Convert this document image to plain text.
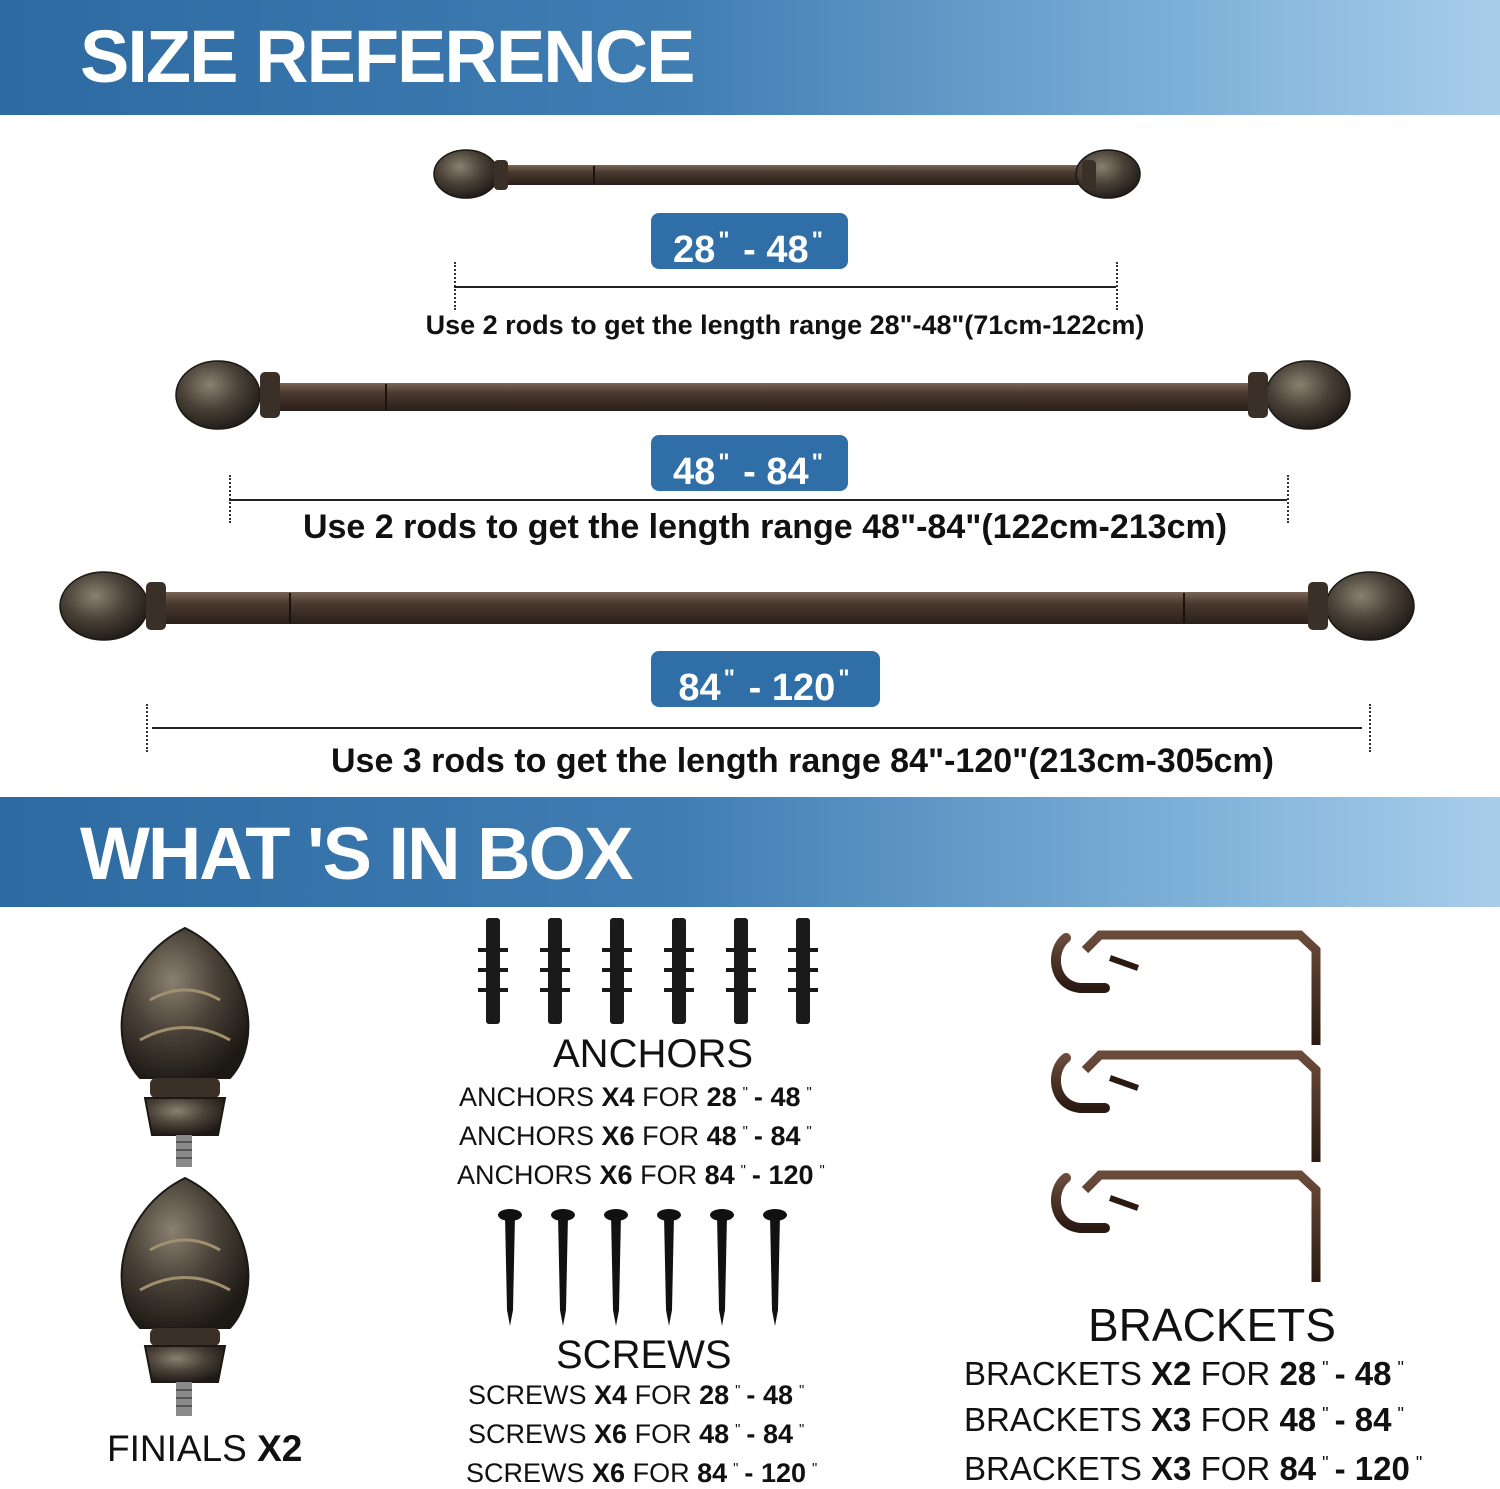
SIZE REFERENCE
28 " - 48 "
Use 2 rods to get the length range 28"-48"(71cm-122cm)
48 " - 84 "
Use 2 rods to get the length range 48"-84"(122cm-213cm)
84 " - 120 "
Use 3 rods to get the length range 84"-120"(213cm-305cm)
WHAT 'S IN BOX
FINIALS X2
ANCHORS
ANCHORS X4 FOR 28 " - 48 "
ANCHORS X6 FOR 48 " - 84 "
ANCHORS X6 FOR 84 " - 120 "
SCREWS
SCREWS X4 FOR 28 " - 48 "
SCREWS X6 FOR 48 " - 84 "
SCREWS X6 FOR 84 " - 120 "
BRACKETS
BRACKETS X2 FOR 28 " - 48 "
BRACKETS X3 FOR 48 " - 84 "
BRACKETS X3 FOR 84 " - 120 "
